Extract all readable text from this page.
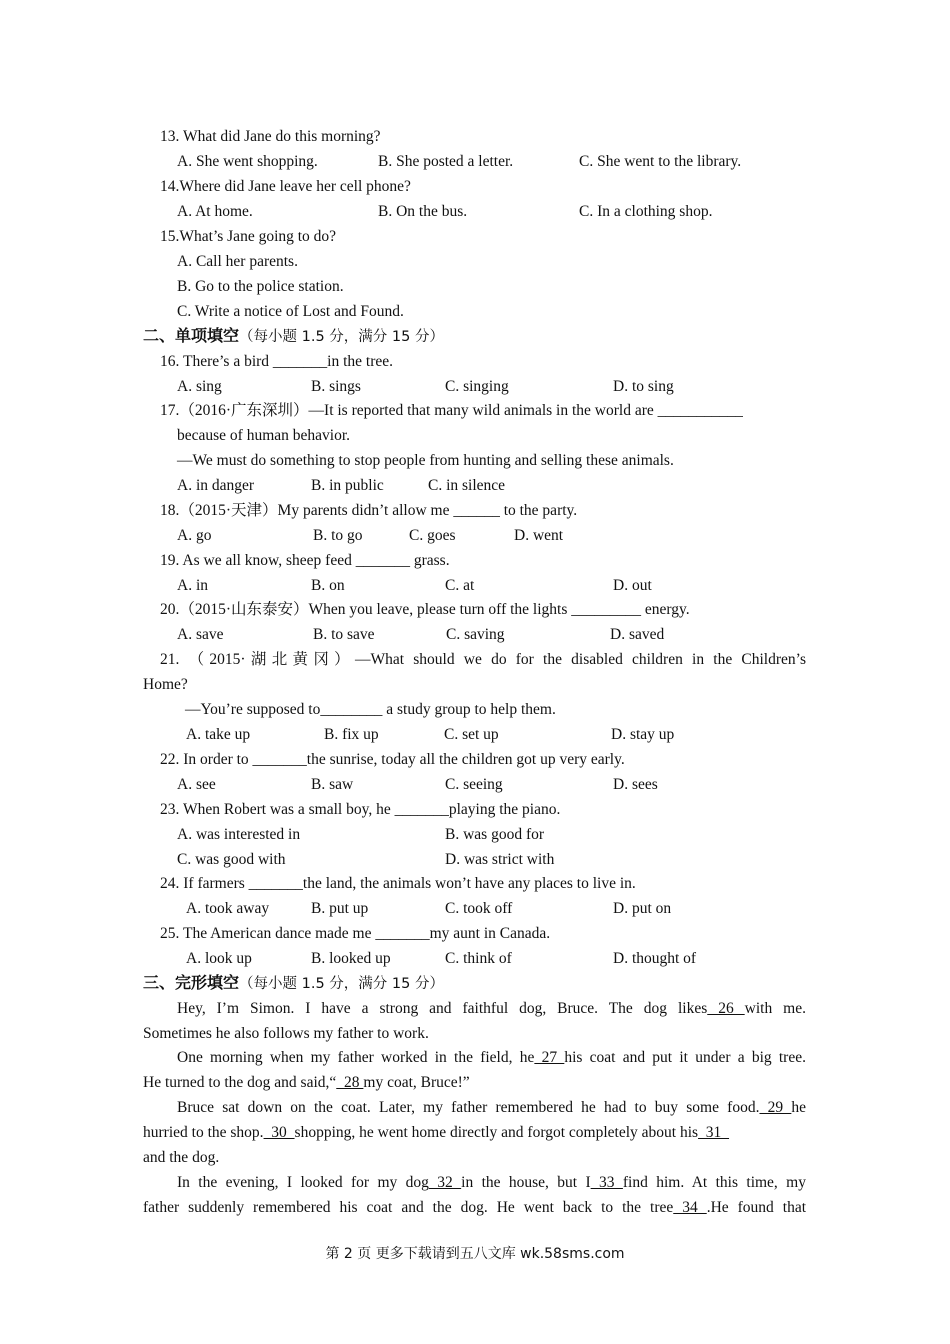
13. What did Jane do this morning?
A. She went shopping.	B. She posted a letter.	C. She went to the library.
14.Where did Jane leave her cell phone?
A. At home.	B. On the bus.	C. In a clothing shop.
15.What’s Jane going to do?
A. Call her parents.
B. Go to the police station.
C. Write a notice of Lost and Found.
二、单项填空（每小题 1.5 分，满分 15 分）
16. There’s a bird _______in the tree.
A. sing	B. sings	C. singing	D. to sing
17.（2016·广东深圳）—It is reported that many wild animals in the world are ___________
because of human behavior.
—We must do something to stop people from hunting and selling these animals.
A. in danger	B. in public	C. in silence
18.（2015·天津）My parents didn’t allow me ______ to the party.
A. go	B. to go	C. goes	D. went
19. As we all know, sheep feed _______ grass.
A. in	B. on	C. at	D. out
20.（2015·山东泰安）When you leave, please turn off the lights _________ energy.
A. save	B. to save	C. saving	D. saved
21. （2015·湖北黄冈）—What should we do for the disabled children in the Children’s
Home?
—You’re supposed to________ a study group to help them.
A. take up	B. fix up	C. set up	D. stay up
22. In order to _______the sunrise, today all the children got up very early.
A. see	B. saw	C. seeing	D. sees
23. When Robert was a small boy, he _______playing the piano.
A. was interested in	B. was good for
C. was good with	D. was strict with
24. If farmers _______the land, the animals won’t have any places to live in.
A. took away	B. put up	C. took off	D. put on
25. The American dance made me _______my aunt in Canada.
A. look up	B. looked up	C. think of	D. thought of
三、完形填空（每小题 1.5 分，满分 15 分）
Hey, I’m Simon. I have a strong and faithful dog, Bruce. The dog likes 26 with me.
Sometimes he also follows my father to work.
One morning when my father worked in the field, he 27 his coat and put it under a big tree.
He turned to the dog and said,“  28 my coat, Bruce!”
Bruce sat down on the coat. Later, my father remembered he had to buy some food. 29 he
hurried to the shop.  30  shopping, he went home directly and forgot completely about his  31
and the dog.
In the evening, I looked for my dog 32 in the house, but I 33 find him. At this time, my
father suddenly remembered his coat and the dog. He went back to the tree 34 .He found that
第 2 页 更多下载请到五八文库 wk.58sms.com
